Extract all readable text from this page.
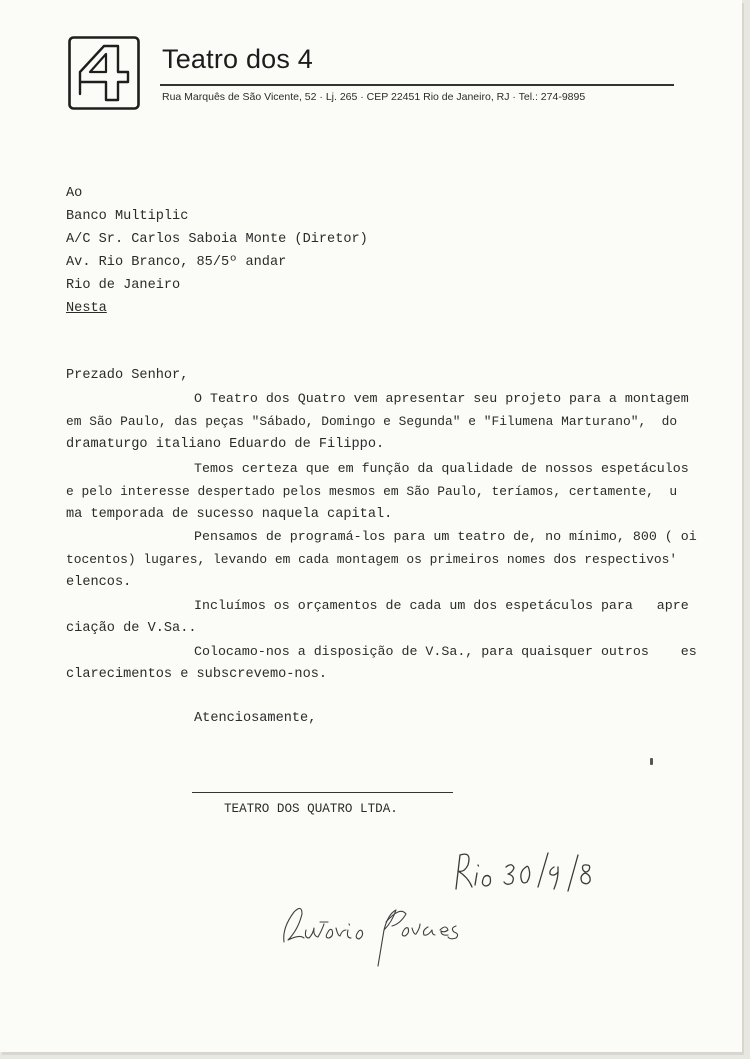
Teatro dos 4
Rua Marquês de São Vicente, 52 · Lj. 265 · CEP 22451 Rio de Janeiro, RJ · Tel.: 274-9895
Ao
Banco Multiplic
A/C Sr. Carlos Saboia Monte (Diretor)
Av. Rio Branco, 85/5º andar
Rio de Janeiro
Nesta
Prezado Senhor,
O Teatro dos Quatro vem apresentar seu projeto para a montagem
em São Paulo, das peças "Sábado, Domingo e Segunda" e "Filumena Marturano",  do
dramaturgo italiano Eduardo de Filippo.
Temos certeza que em função da qualidade de nossos espetáculos
e pelo interesse despertado pelos mesmos em São Paulo, teríamos, certamente,  u
ma temporada de sucesso naquela capital.
Pensamos de programá-los para um teatro de, no mínimo, 800 ( oi
tocentos) lugares, levando em cada montagem os primeiros nomes dos respectivos'
elencos.
Incluímos os orçamentos de cada um dos espetáculos para   apre
ciação de V.Sa..
Colocamo-nos a disposição de V.Sa., para quaisquer outros    es
clarecimentos e subscrevemo-nos.
Atenciosamente,
TEATRO DOS QUATRO LTDA.
